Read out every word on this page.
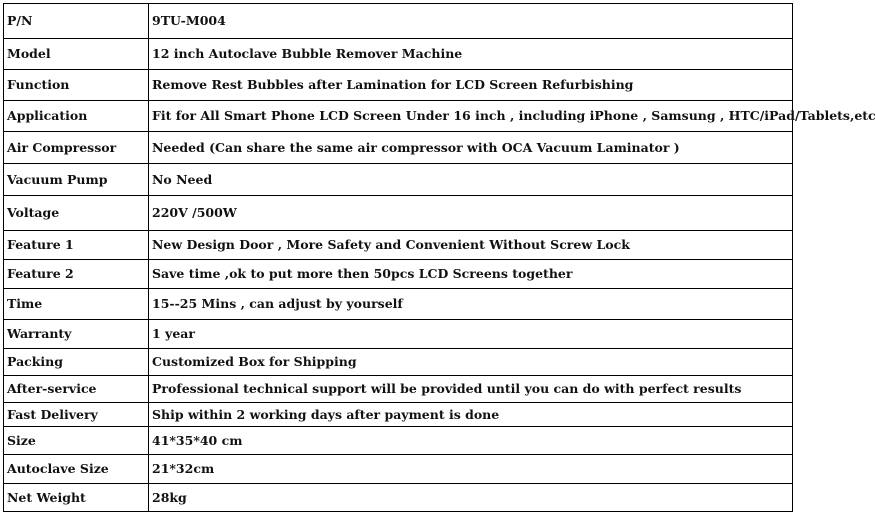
P/N	9TU-M004
Model	12 inch Autoclave Bubble Remover Machine
Function	Remove Rest Bubbles after Lamination for LCD Screen Refurbishing
Application	Fit for All Smart Phone LCD Screen Under 16 inch , including iPhone , Samsung , HTC/iPad/Tablets,etc
Air Compressor	Needed (Can share the same air compressor with OCA Vacuum Laminator )
Vacuum Pump	No Need
Voltage	220V /500W
Feature 1	New Design Door , More Safety and Convenient Without Screw Lock
Feature 2	Save time ,ok to put more then 50pcs LCD Screens together
Time	15--25 Mins , can adjust by yourself
Warranty	1 year
Packing	Customized Box for Shipping
After-service	Professional technical support will be provided until you can do with perfect results
Fast Delivery	Ship within 2 working days after payment is done
Size	41*35*40 cm
Autoclave Size	21*32cm
Net Weight	28kg
